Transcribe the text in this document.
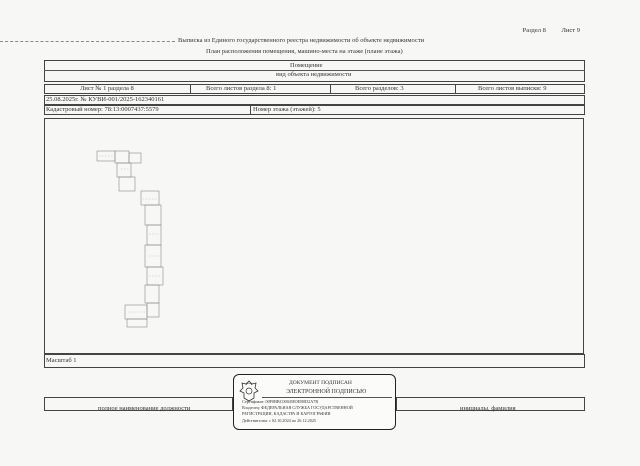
Раздел 8 Лист 9
Выписка из Единого государственного реестра недвижимости об объекте недвижимости
План расположения помещения, машино-места на этаже (плане этажа)
Помещение
вид объекта недвижимости
Лист № 1 раздела 8	Всего листов раздела 8: 1	Всего разделов: 3	Всего листов выписки: 9
25.08.2025г. № КУВИ-001/2025-162340161
Кадастровый номер: 78:13:0007437:5579	Номер этажа (этажей): 5
Масштаб 1
полное наименование должности	инициалы, фамилия
ДОКУМЕНТ ПОДПИСАН
ЭЛЕКТРОННОЙ ПОДПИСЬЮ
Сертификат: 00F0BBC00045E0EB0D2A7B
Владелец: ФЕДЕРАЛЬНАЯ СЛУЖБА ГОСУДАРСТВЕННОЙ
РЕГИСТРАЦИИ, КАДАСТРА И КАРТОГРАФИИ
Действителен: с 02.10.2024 по 26.12.2025
